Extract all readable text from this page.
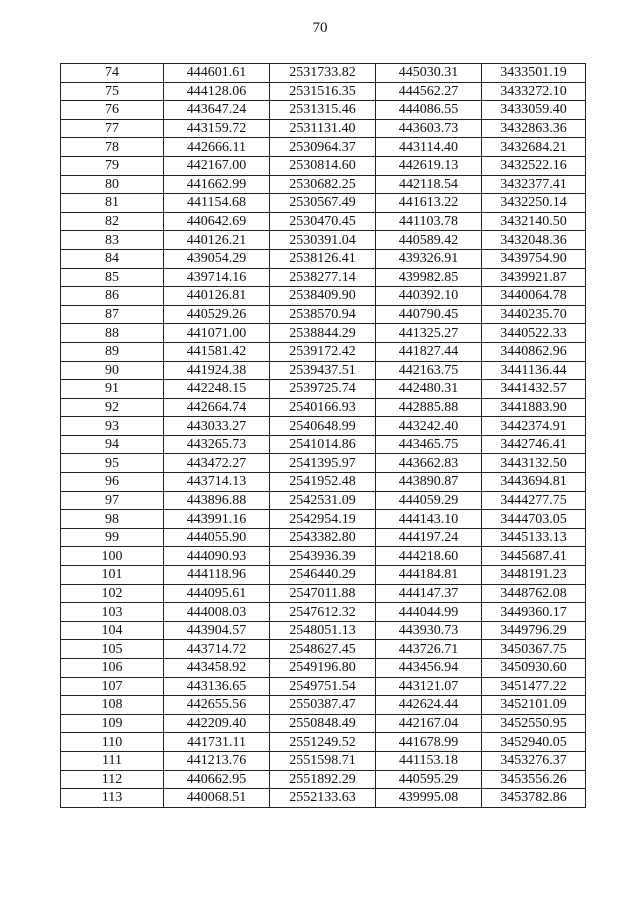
70
74	444601.61	2531733.82	445030.31	3433501.19
75	444128.06	2531516.35	444562.27	3433272.10
76	443647.24	2531315.46	444086.55	3433059.40
77	443159.72	2531131.40	443603.73	3432863.36
78	442666.11	2530964.37	443114.40	3432684.21
79	442167.00	2530814.60	442619.13	3432522.16
80	441662.99	2530682.25	442118.54	3432377.41
81	441154.68	2530567.49	441613.22	3432250.14
82	440642.69	2530470.45	441103.78	3432140.50
83	440126.21	2530391.04	440589.42	3432048.36
84	439054.29	2538126.41	439326.91	3439754.90
85	439714.16	2538277.14	439982.85	3439921.87
86	440126.81	2538409.90	440392.10	3440064.78
87	440529.26	2538570.94	440790.45	3440235.70
88	441071.00	2538844.29	441325.27	3440522.33
89	441581.42	2539172.42	441827.44	3440862.96
90	441924.38	2539437.51	442163.75	3441136.44
91	442248.15	2539725.74	442480.31	3441432.57
92	442664.74	2540166.93	442885.88	3441883.90
93	443033.27	2540648.99	443242.40	3442374.91
94	443265.73	2541014.86	443465.75	3442746.41
95	443472.27	2541395.97	443662.83	3443132.50
96	443714.13	2541952.48	443890.87	3443694.81
97	443896.88	2542531.09	444059.29	3444277.75
98	443991.16	2542954.19	444143.10	3444703.05
99	444055.90	2543382.80	444197.24	3445133.13
100	444090.93	2543936.39	444218.60	3445687.41
101	444118.96	2546440.29	444184.81	3448191.23
102	444095.61	2547011.88	444147.37	3448762.08
103	444008.03	2547612.32	444044.99	3449360.17
104	443904.57	2548051.13	443930.73	3449796.29
105	443714.72	2548627.45	443726.71	3450367.75
106	443458.92	2549196.80	443456.94	3450930.60
107	443136.65	2549751.54	443121.07	3451477.22
108	442655.56	2550387.47	442624.44	3452101.09
109	442209.40	2550848.49	442167.04	3452550.95
110	441731.11	2551249.52	441678.99	3452940.05
111	441213.76	2551598.71	441153.18	3453276.37
112	440662.95	2551892.29	440595.29	3453556.26
113	440068.51	2552133.63	439995.08	3453782.86
